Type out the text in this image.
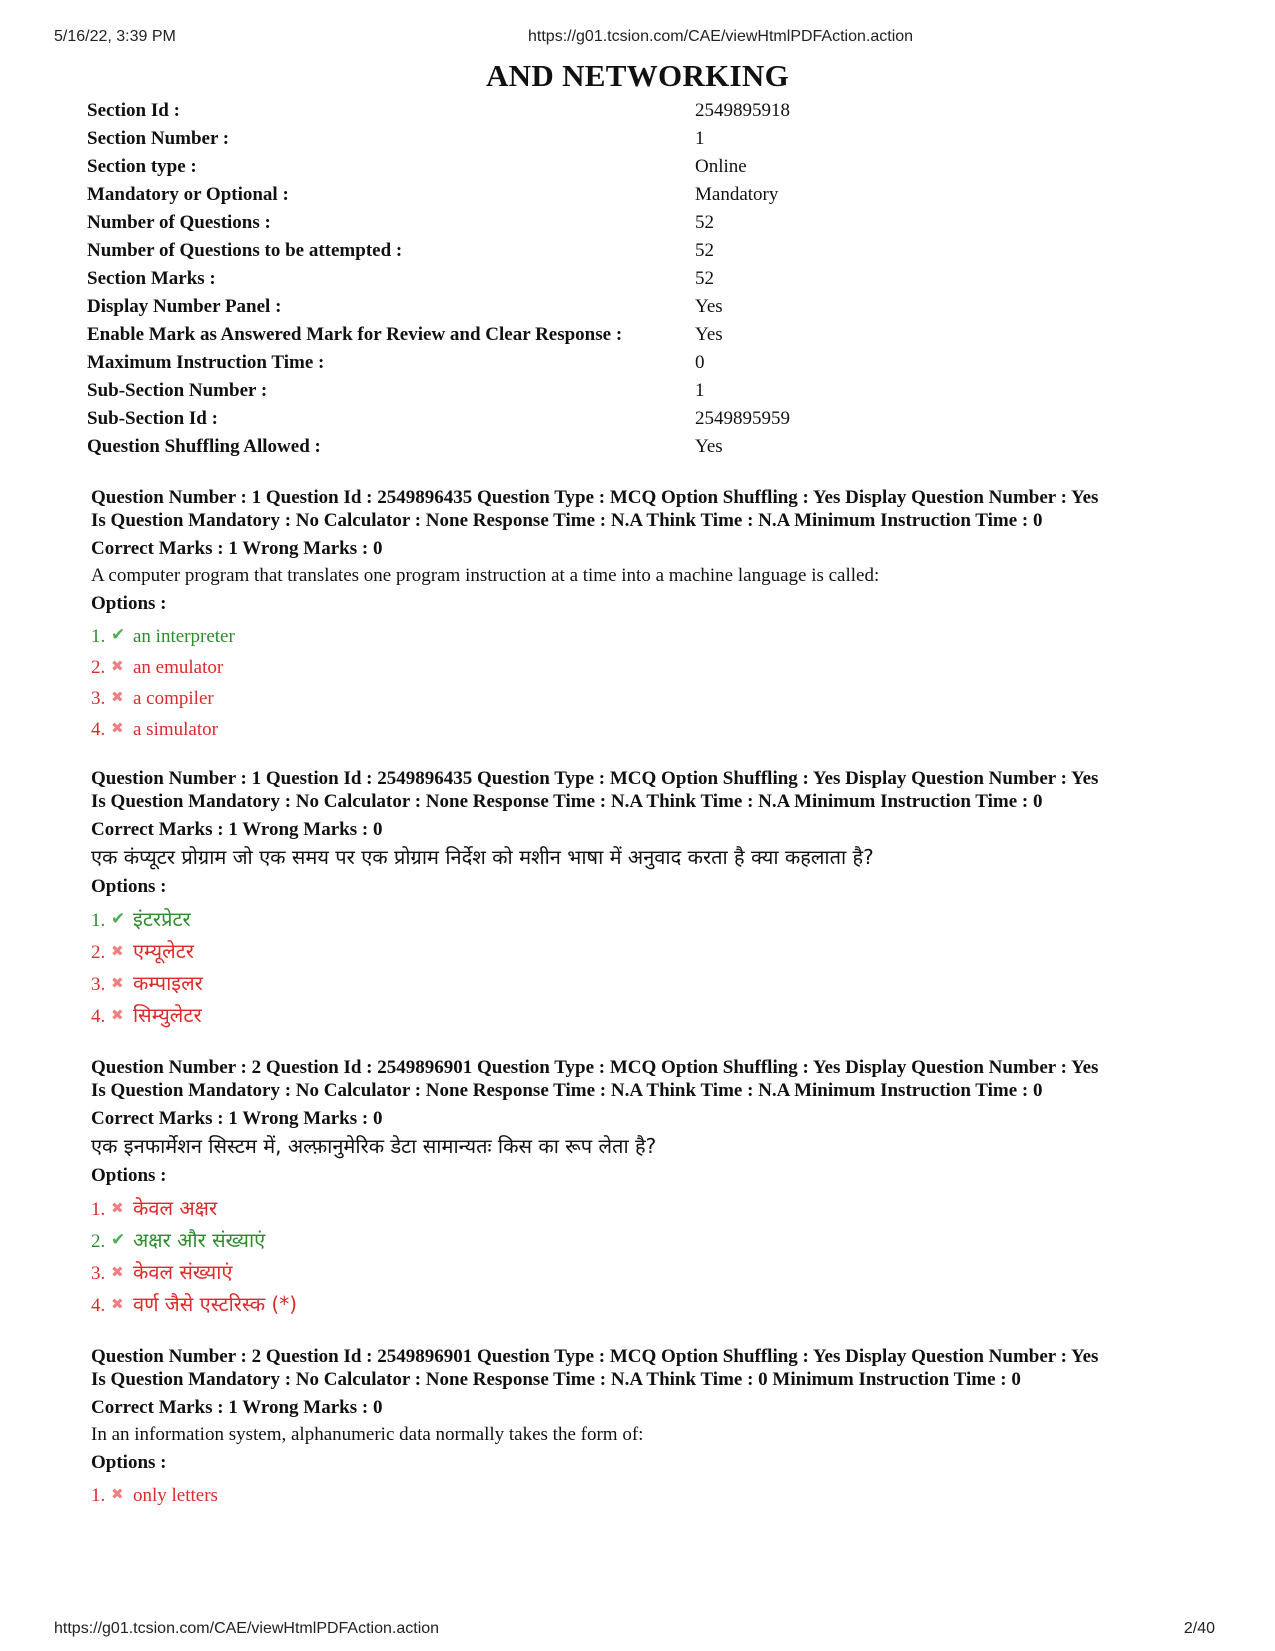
5/16/22, 3:39 PM	https://g01.tcsion.com/CAE/viewHtmlPDFAction.action
AND NETWORKING
Section Id :	2549895918
Section Number :	1
Section type :	Online
Mandatory or Optional :	Mandatory
Number of Questions :	52
Number of Questions to be attempted :	52
Section Marks :	52
Display Number Panel :	Yes
Enable Mark as Answered Mark for Review and Clear Response :	Yes
Maximum Instruction Time :	0
Sub-Section Number :	1
Sub-Section Id :	2549895959
Question Shuffling Allowed :	Yes
Question Number : 1 Question Id : 2549896435 Question Type : MCQ Option Shuffling : Yes Display Question Number : Yes
Is Question Mandatory : No Calculator : None Response Time : N.A Think Time : N.A Minimum Instruction Time : 0
Correct Marks : 1 Wrong Marks : 0
A computer program that translates one program instruction at a time into a machine language is called:
Options :
1. ✔ an interpreter
2. ✖ an emulator
3. ✖ a compiler
4. ✖ a simulator
Question Number : 1 Question Id : 2549896435 Question Type : MCQ Option Shuffling : Yes Display Question Number : Yes
Is Question Mandatory : No Calculator : None Response Time : N.A Think Time : N.A Minimum Instruction Time : 0
Correct Marks : 1 Wrong Marks : 0
एक कंप्यूटर प्रोग्राम जो एक समय पर एक प्रोग्राम निर्देश को मशीन भाषा में अनुवाद करता है क्या कहलाता है?
Options :
1. ✔ इंटरप्रेटर
2. ✖ एम्यूलेटर
3. ✖ कम्पाइलर
4. ✖ सिम्युलेटर
Question Number : 2 Question Id : 2549896901 Question Type : MCQ Option Shuffling : Yes Display Question Number : Yes
Is Question Mandatory : No Calculator : None Response Time : N.A Think Time : N.A Minimum Instruction Time : 0
Correct Marks : 1 Wrong Marks : 0
एक इनफार्मेशन सिस्टम में, अल्फ़ानुमेरिक डेटा सामान्यतः किस का रूप लेता है?
Options :
1. ✖ केवल अक्षर
2. ✔ अक्षर और संख्याएं
3. ✖ केवल संख्याएं
4. ✖ वर्ण जैसे एस्टरिस्क (*)
Question Number : 2 Question Id : 2549896901 Question Type : MCQ Option Shuffling : Yes Display Question Number : Yes
Is Question Mandatory : No Calculator : None Response Time : N.A Think Time : 0 Minimum Instruction Time : 0
Correct Marks : 1 Wrong Marks : 0
In an information system, alphanumeric data normally takes the form of:
Options :
1. ✖ only letters
https://g01.tcsion.com/CAE/viewHtmlPDFAction.action	2/40
